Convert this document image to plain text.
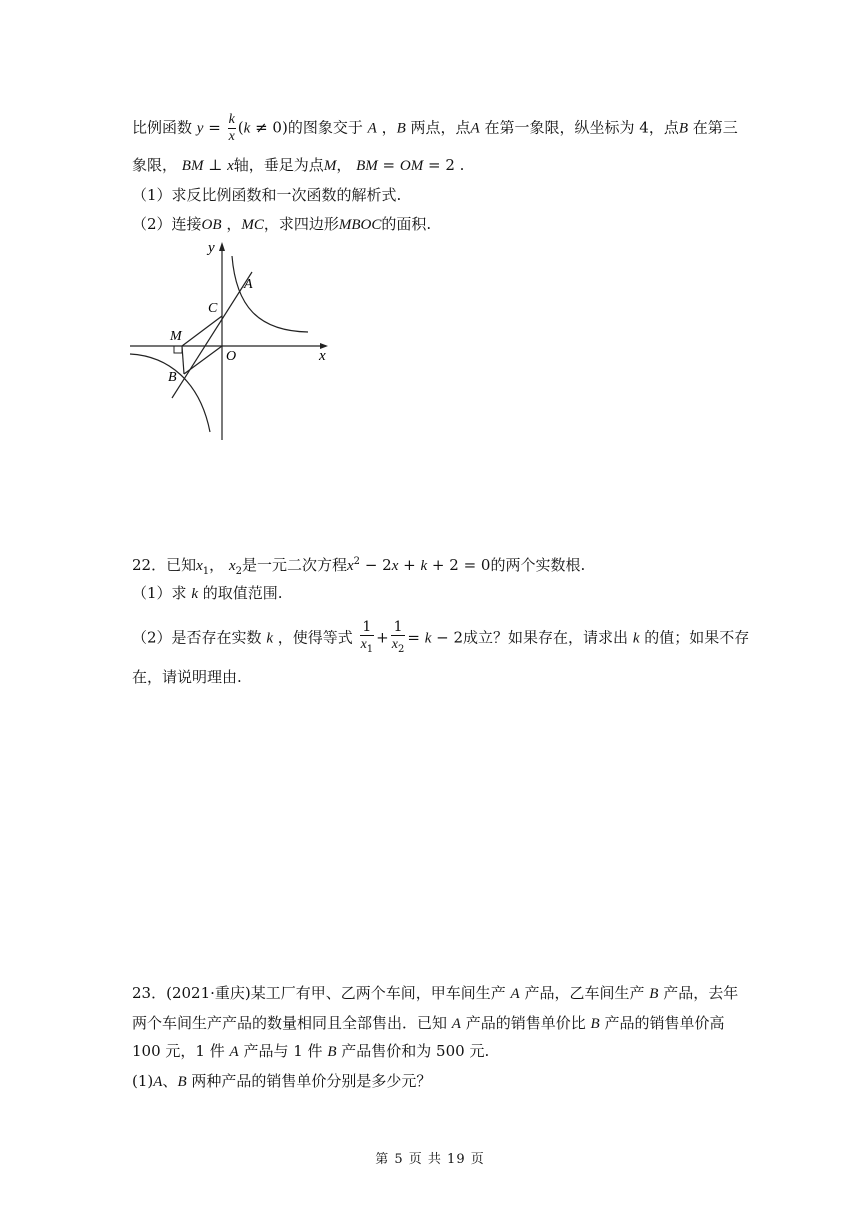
比例函数 $y = \frac{k}{x} (k \ne 0)$的图象交于 A ，B 两点，点A 在第一象限，纵坐标为 4，点B 在第三
象限， BM ⊥ x轴，垂足为点M， BM = OM = 2 .
（1）求反比例函数和一次函数的解析式.
（2）连接OB ，MC，求四边形MBOC的面积.
y
x
O
A
C
M
B
22．已知$x_1$， $x_2$是一元二次方程$x^2 - 2x + k + 2 = 0$的两个实数根.
（1）求 k 的取值范围.
（2）是否存在实数 k ，使得等式 $\frac{1}{x_1} + \frac{1}{x_2} = k - 2$成立？如果存在，请求出 k 的值；如果不存
在，请说明理由.
23．(2021·重庆)某工厂有甲、乙两个车间，甲车间生产 A 产品，乙车间生产 B 产品，去年
两个车间生产产品的数量相同且全部售出．已知 A 产品的销售单价比 B 产品的销售单价高
100 元，1 件 A 产品与 1 件 B 产品售价和为 500 元.
(1)A、B 两种产品的销售单价分别是多少元？
第 5 页 共 19 页
